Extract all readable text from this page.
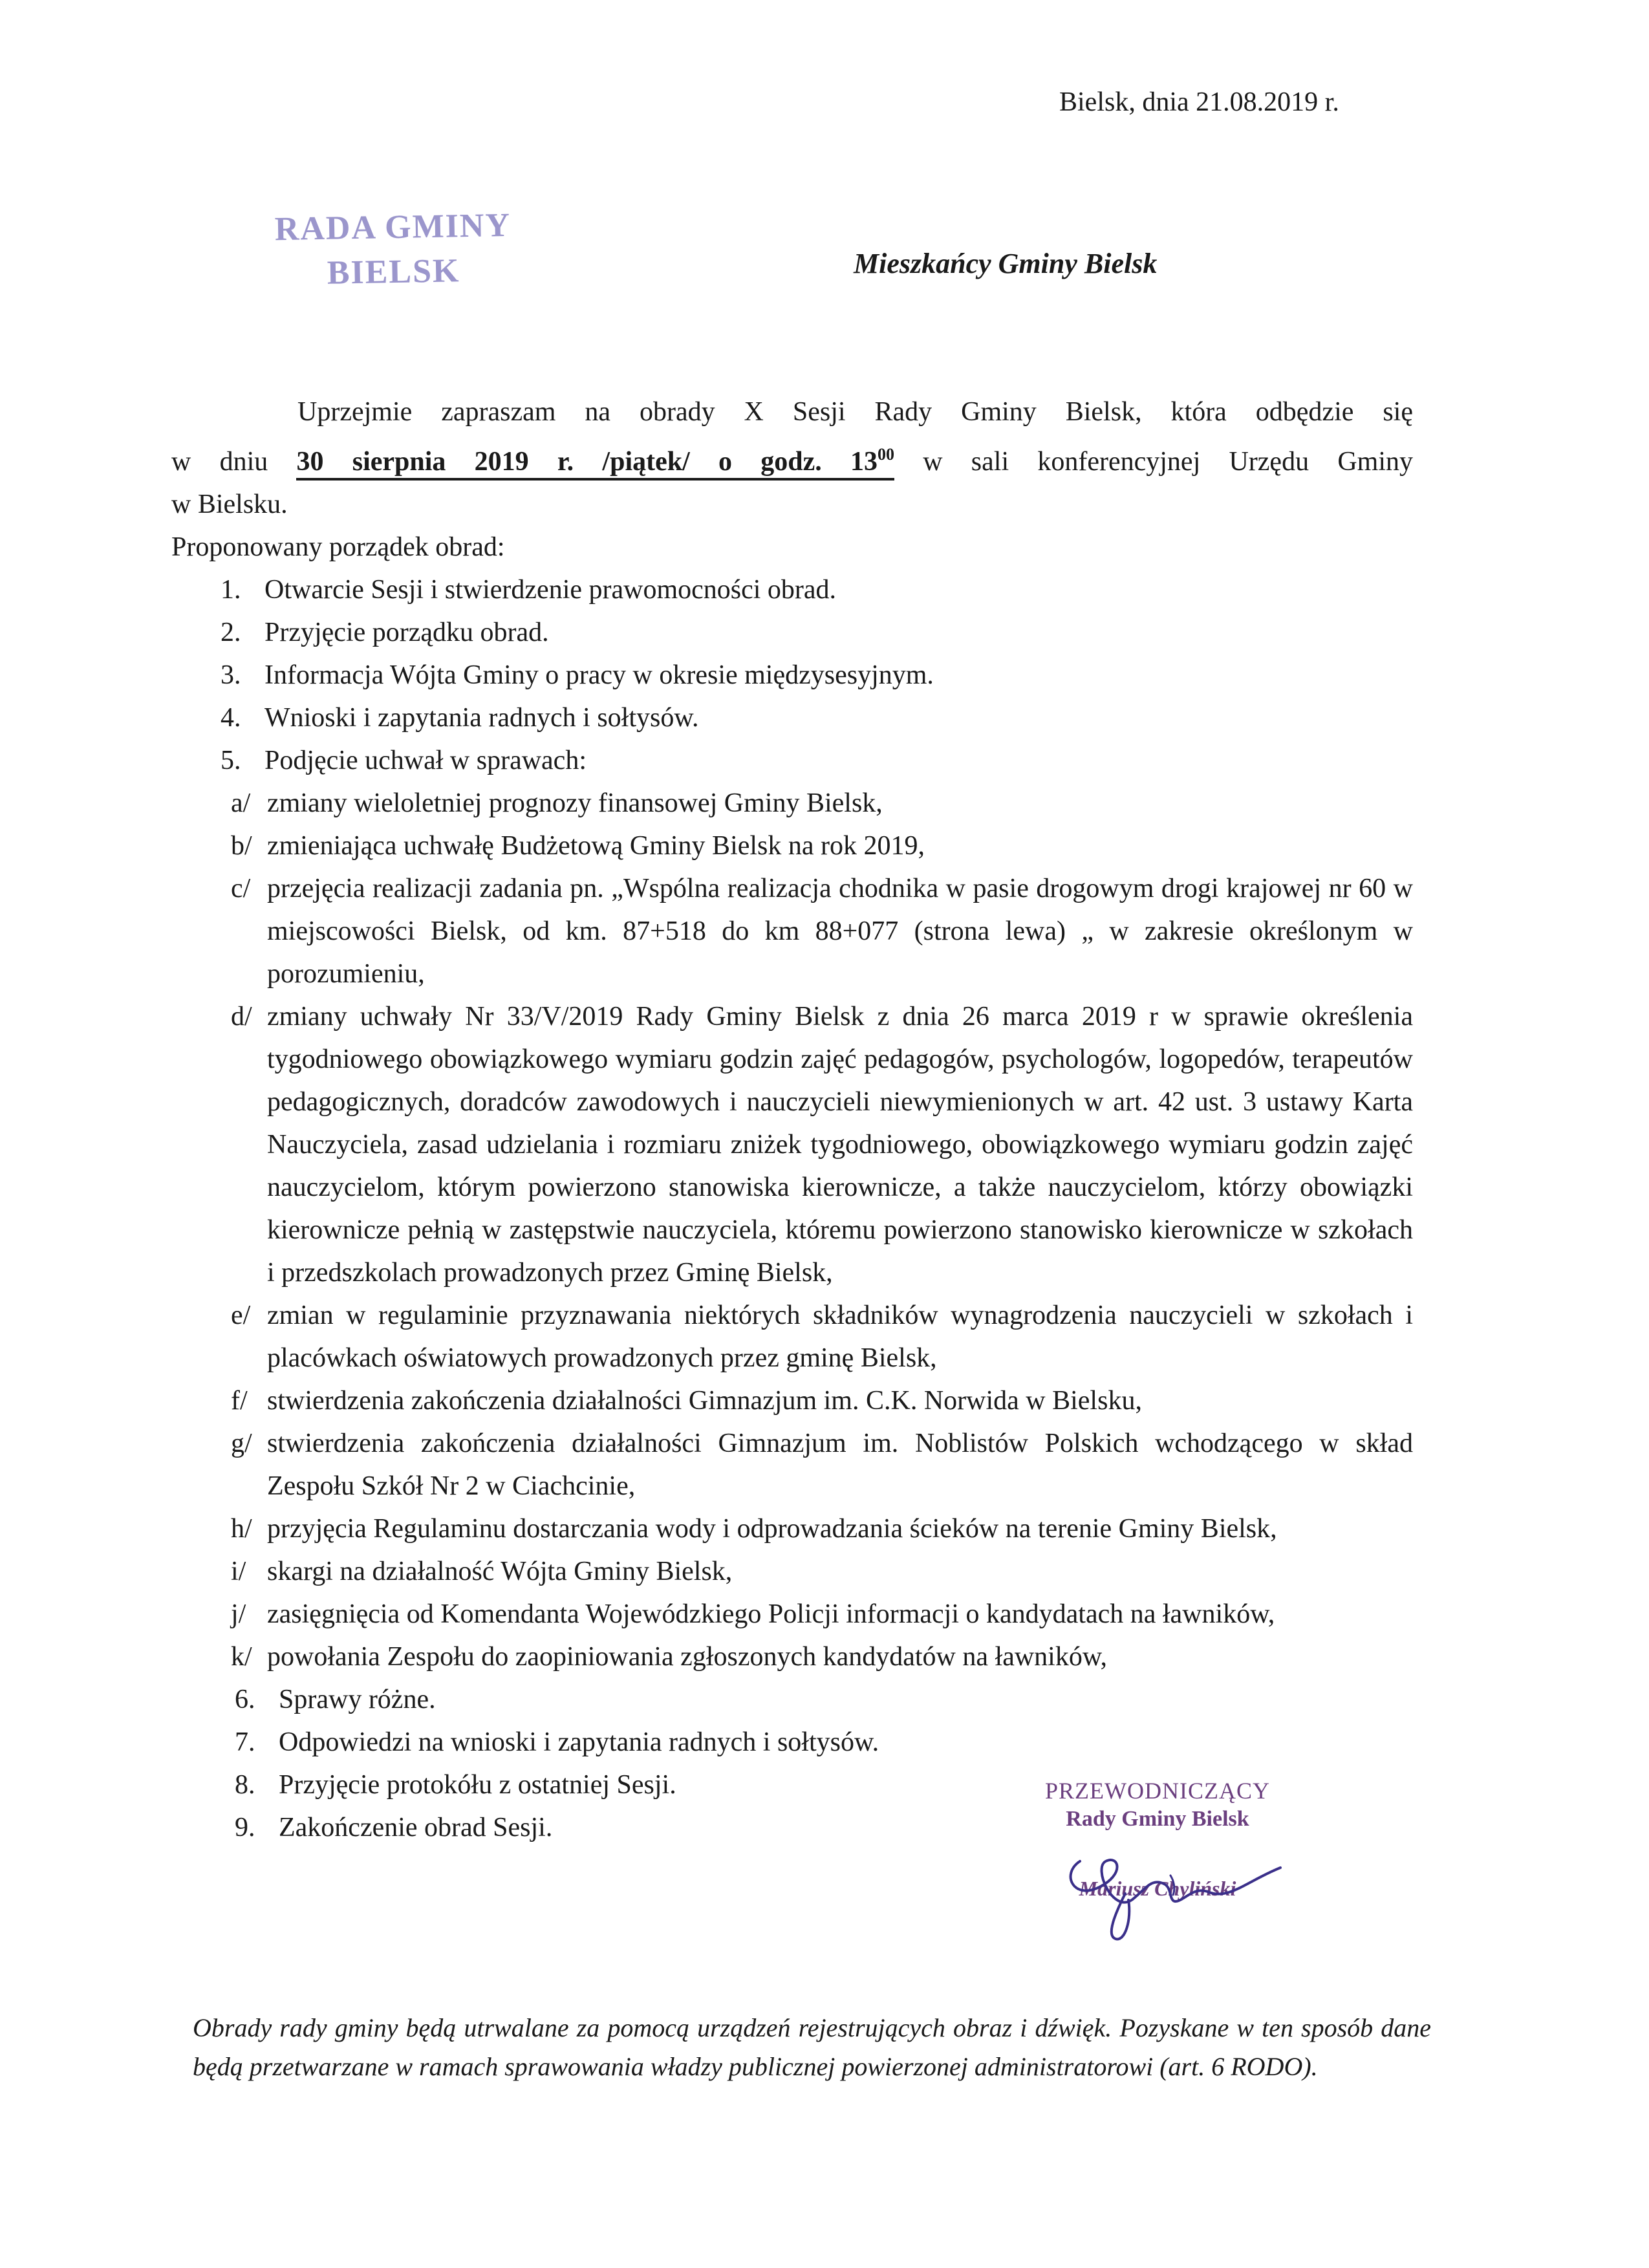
Bielsk, dnia 21.08.2019 r.
RADA GMINY
BIELSK	Mieszkańcy Gminy Bielsk
Uprzejmie zapraszam na obrady X Sesji Rady Gminy Bielsk, która odbędzie się
w dniu 30 sierpnia 2019 r. /piątek/ o godz. $13^{00}$ w sali konferencyjnej Urzędu Gminy
w Bielsku.
Proponowany porządek obrad:
1. Otwarcie Sesji i stwierdzenie prawomocności obrad.
2. Przyjęcie porządku obrad.
3. Informacja Wójta Gminy o pracy w okresie międzysesyjnym.
4. Wnioski i zapytania radnych i sołtysów.
5. Podjęcie uchwał w sprawach:
a/ zmiany wieloletniej prognozy finansowej Gminy Bielsk,
b/ zmieniająca uchwałę Budżetową Gminy Bielsk na rok 2019,
c/ przejęcia realizacji zadania pn. „Wspólna realizacja chodnika w pasie drogowym drogi krajowej nr 60 w miejscowości Bielsk, od km. 87+518 do km 88+077 (strona lewa) „ w zakresie określonym w porozumieniu,
d/ zmiany uchwały Nr 33/V/2019 Rady Gminy Bielsk z dnia 26 marca 2019 r w sprawie określenia tygodniowego obowiązkowego wymiaru godzin zajęć pedagogów, psychologów, logopedów, terapeutów pedagogicznych, doradców zawodowych i nauczycieli niewymienionych w art. 42 ust. 3 ustawy Karta Nauczyciela, zasad udzielania i rozmiaru zniżek tygodniowego, obowiązkowego wymiaru godzin zajęć nauczycielom, którym powierzono stanowiska kierownicze, a także nauczycielom, którzy obowiązki kierownicze pełnią w zastępstwie nauczyciela, któremu powierzono stanowisko kierownicze w szkołach i przedszkolach prowadzonych przez Gminę Bielsk,
e/ zmian w regulaminie przyznawania niektórych składników wynagrodzenia nauczycieli w szkołach i placówkach oświatowych prowadzonych przez gminę Bielsk,
f/ stwierdzenia zakończenia działalności Gimnazjum im. C.K. Norwida w Bielsku,
g/ stwierdzenia zakończenia działalności Gimnazjum im. Noblistów Polskich wchodzącego w skład Zespołu Szkół Nr 2 w Ciachcinie,
h/ przyjęcia Regulaminu dostarczania wody i odprowadzania ścieków na terenie Gminy Bielsk,
i/ skargi na działalność Wójta Gminy Bielsk,
j/ zasięgnięcia od Komendanta Wojewódzkiego Policji informacji o kandydatach na ławników,
k/ powołania Zespołu do zaopiniowania zgłoszonych kandydatów na ławników,
6. Sprawy różne.
7. Odpowiedzi na wnioski i zapytania radnych i sołtysów.
8. Przyjęcie protokółu z ostatniej Sesji.
9. Zakończenie obrad Sesji.
PRZEWODNICZĄCY
Rady Gminy Bielsk
Mariusz Chyliński
Obrady rady gminy będą utrwalane za pomocą urządzeń rejestrujących obraz i dźwięk. Pozyskane w ten sposób dane będą przetwarzane w ramach sprawowania władzy publicznej powierzonej administratorowi (art. 6 RODO).
